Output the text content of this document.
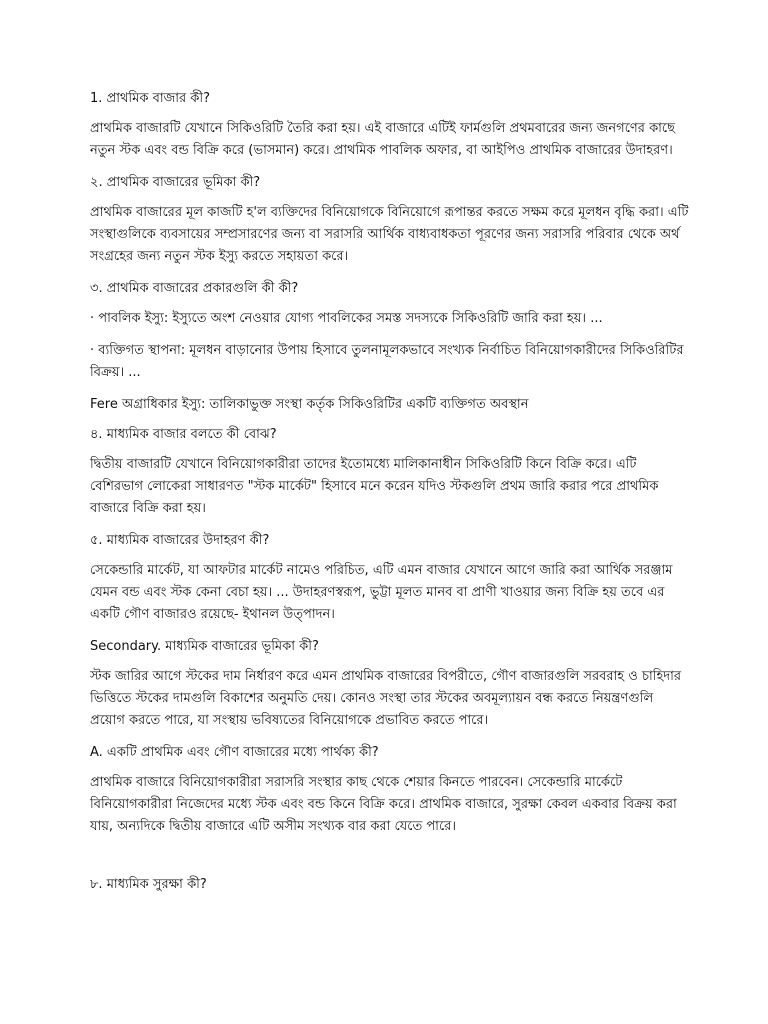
1. প্রাথমিক বাজার কী?
প্রাথমিক বাজারটি যেখানে সিকিওরিটি তৈরি করা হয়। এই বাজারে এটিই ফার্মগুলি প্রথমবারের জন্য জনগণের কাছে নতুন স্টক এবং বন্ড বিক্রি করে (ভাসমান) করে। প্রাথমিক পাবলিক অফার, বা আইপিও প্রাথমিক বাজারের উদাহরণ।
২. প্রাথমিক বাজারের ভূমিকা কী?
প্রাথমিক বাজারের মূল কাজটি হ'ল ব্যক্তিদের বিনিয়োগকে বিনিয়োগে রূপান্তর করতে সক্ষম করে মূলধন বৃদ্ধি করা। এটি সংস্থাগুলিকে ব্যবসায়ের সম্প্রসারণের জন্য বা সরাসরি আর্থিক বাধ্যবাধকতা পূরণের জন্য সরাসরি পরিবার থেকে অর্থ সংগ্রহের জন্য নতুন স্টক ইস্যু করতে সহায়তা করে।
৩. প্রাথমিক বাজারের প্রকারগুলি কী কী?
· পাবলিক ইস্যু: ইস্যুতে অংশ নেওয়ার যোগ্য পাবলিকের সমস্ত সদস্যকে সিকিওরিটি জারি করা হয়। ...
· ব্যক্তিগত স্থাপনা: মূলধন বাড়ানোর উপায় হিসাবে তুলনামূলকভাবে সংখ্যক নির্বাচিত বিনিয়োগকারীদের সিকিওরিটির বিক্রয়। ...
Fere অগ্রাধিকার ইস্যু: তালিকাভুক্ত সংস্থা কর্তৃক সিকিওরিটির একটি ব্যক্তিগত অবস্থান
৪. মাধ্যমিক বাজার বলতে কী বোঝ?
দ্বিতীয় বাজারটি যেখানে বিনিয়োগকারীরা তাদের ইতোমধ্যে মালিকানাধীন সিকিওরিটি কিনে বিক্রি করে। এটি বেশিরভাগ লোকেরা সাধারণত "স্টক মার্কেট" হিসাবে মনে করেন যদিও স্টকগুলি প্রথম জারি করার পরে প্রাথমিক বাজারে বিক্রি করা হয়।
৫. মাধ্যমিক বাজারের উদাহরণ কী?
সেকেন্ডারি মার্কেট, যা আফটার মার্কেট নামেও পরিচিত, এটি এমন বাজার যেখানে আগে জারি করা আর্থিক সরঞ্জাম যেমন বন্ড এবং স্টক কেনা বেচা হয়। ... উদাহরণস্বরূপ, ভুট্টা মূলত মানব বা প্রাণী খাওয়ার জন্য বিক্রি হয় তবে এর একটি গৌণ বাজারও রয়েছে- ইথানল উত্পাদন।
Secondary. মাধ্যমিক বাজারের ভূমিকা কী?
স্টক জারির আগে স্টকের দাম নির্ধারণ করে এমন প্রাথমিক বাজারের বিপরীতে, গৌণ বাজারগুলি সরবরাহ ও চাহিদার ভিত্তিতে স্টকের দামগুলি বিকাশের অনুমতি দেয়। কোনও সংস্থা তার স্টকের অবমূল্যায়ন বন্ধ করতে নিয়ন্ত্রণগুলি প্রয়োগ করতে পারে, যা সংস্থায় ভবিষ্যতের বিনিয়োগকে প্রভাবিত করতে পারে।
A. একটি প্রাথমিক এবং গৌণ বাজারের মধ্যে পার্থক্য কী?
প্রাথমিক বাজারে বিনিয়োগকারীরা সরাসরি সংস্থার কাছ থেকে শেয়ার কিনতে পারবেন। সেকেন্ডারি মার্কেটে বিনিয়োগকারীরা নিজেদের মধ্যে স্টক এবং বন্ড কিনে বিক্রি করে। প্রাথমিক বাজারে, সুরক্ষা কেবল একবার বিক্রয় করা যায়, অন্যদিকে দ্বিতীয় বাজারে এটি অসীম সংখ্যক বার করা যেতে পারে।
৮. মাধ্যমিক সুরক্ষা কী?
